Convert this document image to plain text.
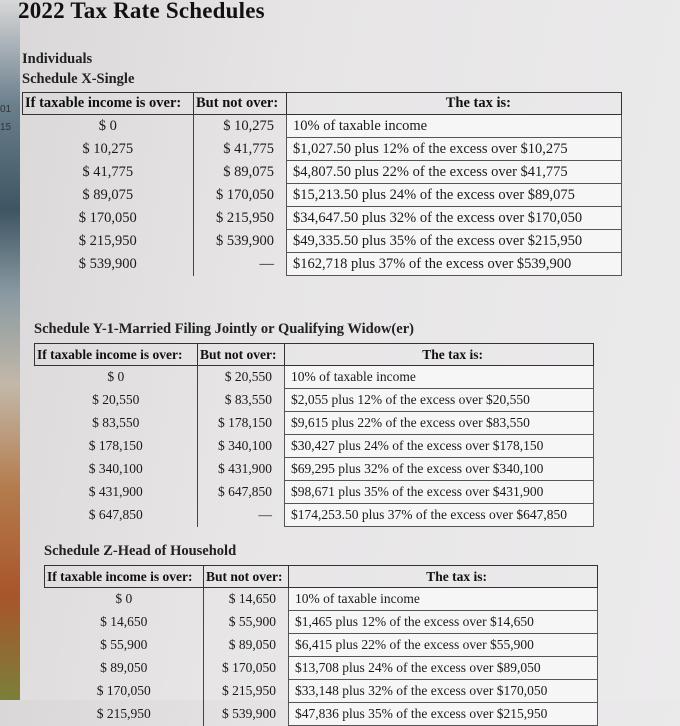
01
15
2022 Tax Rate Schedules
Individuals
Schedule X-Single
If taxable income is over:	But not over:	The tax is:
$ 0	$ 10,275	10% of taxable income
$ 10,275	$ 41,775	$1,027.50 plus 12% of the excess over $10,275
$ 41,775	$ 89,075	$4,807.50 plus 22% of the excess over $41,775
$ 89,075	$ 170,050	$15,213.50 plus 24% of the excess over $89,075
$ 170,050	$ 215,950	$34,647.50 plus 32% of the excess over $170,050
$ 215,950	$ 539,900	$49,335.50 plus 35% of the excess over $215,950
$ 539,900	—	$162,718 plus 37% of the excess over $539,900
Schedule Y-1-Married Filing Jointly or Qualifying Widow(er)
If taxable income is over:	But not over:	The tax is:
$ 0	$ 20,550	10% of taxable income
$ 20,550	$ 83,550	$2,055 plus 12% of the excess over $20,550
$ 83,550	$ 178,150	$9,615 plus 22% of the excess over $83,550
$ 178,150	$ 340,100	$30,427 plus 24% of the excess over $178,150
$ 340,100	$ 431,900	$69,295 plus 32% of the excess over $340,100
$ 431,900	$ 647,850	$98,671 plus 35% of the excess over $431,900
$ 647,850	—	$174,253.50 plus 37% of the excess over $647,850
Schedule Z-Head of Household
If taxable income is over:	But not over:	The tax is:
$ 0	$ 14,650	10% of taxable income
$ 14,650	$ 55,900	$1,465 plus 12% of the excess over $14,650
$ 55,900	$ 89,050	$6,415 plus 22% of the excess over $55,900
$ 89,050	$ 170,050	$13,708 plus 24% of the excess over $89,050
$ 170,050	$ 215,950	$33,148 plus 32% of the excess over $170,050
$ 215,950	$ 539,900	$47,836 plus 35% of the excess over $215,950
